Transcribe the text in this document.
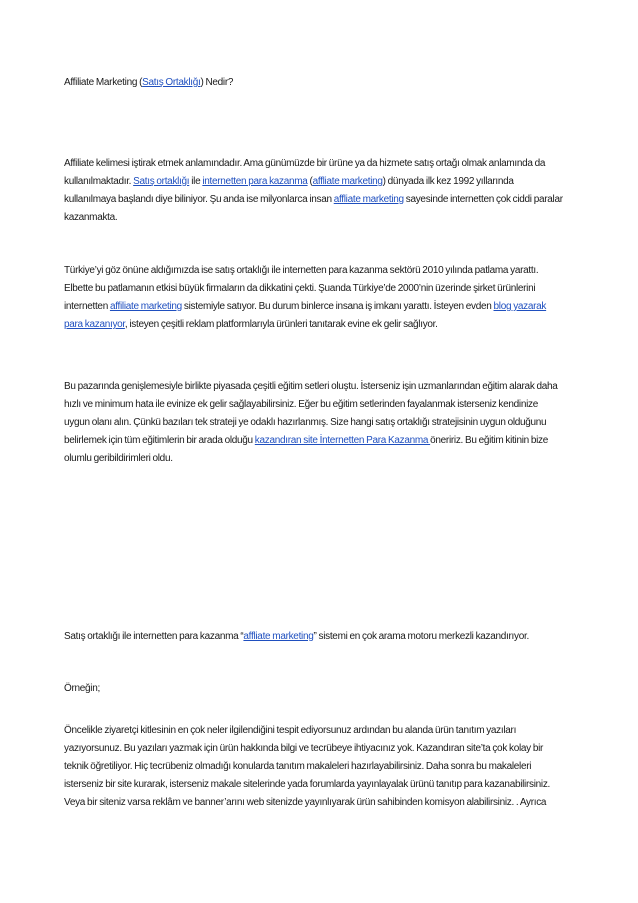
Affiliate Marketing (Satış Ortaklığı) Nedir?

Affiliate kelimesi iştirak etmek anlamındadır. Ama günümüzde bir ürüne ya da hizmete satış ortağı olmak anlamında da kullanılmaktadır. Satış ortaklığı ile internetten para kazanma (affliate marketing) dünyada ilk kez 1992 yıllarında kullanılmaya başlandı diye biliniyor. Şu anda ise milyonlarca insan affliate marketing sayesinde internetten çok ciddi paralar kazanmakta.

Türkiye’yi göz önüne aldığımızda ise satış ortaklığı ile internetten para kazanma sektörü 2010 yılında patlama yarattı. Elbette bu patlamanın etkisi büyük firmaların da dikkatini çekti. Şuanda Türkiye’de 2000’nin üzerinde şirket ürünlerini internetten affiliate marketing sistemiyle satıyor. Bu durum binlerce insana iş imkanı yarattı. İsteyen evden blog yazarak para kazanıyor, isteyen çeşitli reklam platformlarıyla ürünleri tanıtarak evine ek gelir sağlıyor.

Bu pazarında genişlemesiyle birlikte piyasada çeşitli eğitim setleri oluştu. İsterseniz işin uzmanlarından eğitim alarak daha hızlı ve minimum hata ile evinize ek gelir sağlayabilirsiniz. Eğer bu eğitim setlerinden fayalanmak isterseniz kendinize uygun olanı alın. Çünkü bazıları tek strateji ye odaklı hazırlanmış. Size hangi satış ortaklığı stratejisinin uygun olduğunu belirlemek için tüm eğitimlerin bir arada olduğu kazandıran site İnternetten Para Kazanma öneririz. Bu eğitim kitinin bize olumlu geribildirimleri oldu.

Satış ortaklığı ile internetten para kazanma “affliate marketing” sistemi en çok arama motoru merkezli kazandırıyor.

Örneğin;

Öncelikle ziyaretçi kitlesinin en çok neler ilgilendiğini tespit ediyorsunuz ardından bu alanda ürün tanıtım yazıları yazıyorsunuz. Bu yazıları yazmak için ürün hakkında bilgi ve tecrübeye ihtiyacınız yok. Kazandıran site’ta çok kolay bir teknik öğretiliyor. Hiç tecrübeniz olmadığı konularda tanıtım makaleleri hazırlayabilirsiniz. Daha sonra bu makaleleri isterseniz bir site kurarak, isterseniz makale sitelerinde yada forumlarda yayınlayalak ürünü tanıtıp para kazanabilirsiniz. Veya bir siteniz varsa reklâm ve banner’arını web sitenizde yayınlıyarak ürün sahibinden komisyon alabilirsiniz. . Ayrıca
